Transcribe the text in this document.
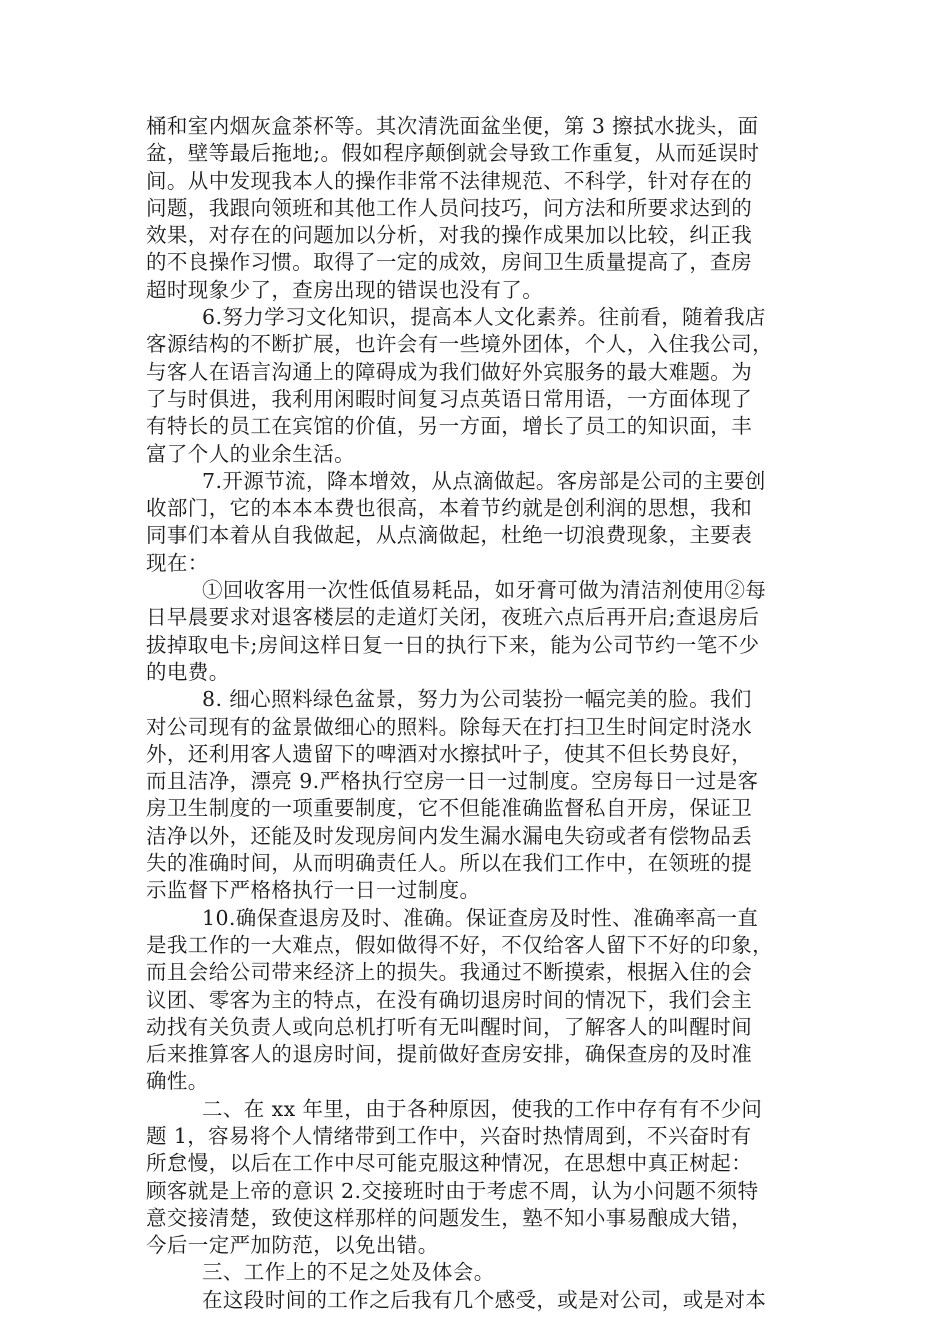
桶和室内烟灰盒茶杯等。其次清洗面盆坐便，第 3 擦拭水拢头，面

盆，壁等最后拖地;。假如程序颠倒就会导致工作重复，从而延误时

间。从中发现我本人的操作非常不法律规范、不科学，针对存在的

问题，我跟向领班和其他工作人员问技巧，问方法和所要求达到的

效果，对存在的问题加以分析，对我的操作成果加以比较，纠正我

的不良操作习惯。取得了一定的成效，房间卫生质量提高了，查房

超时现象少了，查房出现的错误也没有了。

6.努力学习文化知识，提高本人文化素养。往前看，随着我店

客源结构的不断扩展，也许会有一些境外团体，个人，入住我公司，

与客人在语言沟通上的障碍成为我们做好外宾服务的最大难题。为

了与时俱进，我利用闲暇时间复习点英语日常用语，一方面体现了

有特长的员工在宾馆的价值，另一方面，增长了员工的知识面，丰

富了个人的业余生活。

7.开源节流，降本增效，从点滴做起。客房部是公司的主要创

收部门，它的本本本费也很高，本着节约就是创利润的思想，我和

同事们本着从自我做起，从点滴做起，杜绝一切浪费现象，主要表

现在：

①回收客用一次性低值易耗品，如牙膏可做为清洁剂使用②每

日早晨要求对退客楼层的走道灯关闭，夜班六点后再开启;查退房后

拔掉取电卡;房间这样日复一日的执行下来，能为公司节约一笔不少

的电费。

8. 细心照料绿色盆景，努力为公司装扮一幅完美的脸。我们

对公司现有的盆景做细心的照料。除每天在打扫卫生时间定时浇水

外，还利用客人遗留下的啤酒对水擦拭叶子，使其不但长势良好，

而且洁净，漂亮 9.严格执行空房一日一过制度。空房每日一过是客

房卫生制度的一项重要制度，它不但能准确监督私自开房，保证卫

洁净以外，还能及时发现房间内发生漏水漏电失窃或者有偿物品丢

失的准确时间，从而明确责任人。所以在我们工作中，在领班的提

示监督下严格格执行一日一过制度。

10.确保查退房及时、准确。保证查房及时性、准确率高一直

是我工作的一大难点，假如做得不好，不仅给客人留下不好的印象，

而且会给公司带来经济上的损失。我通过不断摸索，根据入住的会

议团、零客为主的特点，在没有确切退房时间的情况下，我们会主

动找有关负责人或向总机打听有无叫醒时间，了解客人的叫醒时间

后来推算客人的退房时间，提前做好查房安排，确保查房的及时准

确性。

二、在 xx 年里，由于各种原因，使我的工作中存有有不少问

题 1，容易将个人情绪带到工作中，兴奋时热情周到，不兴奋时有

所怠慢，以后在工作中尽可能克服这种情况，在思想中真正树起：

顾客就是上帝的意识 2.交接班时由于考虑不周，认为小问题不须特

意交接清楚，致使这样那样的问题发生，塾不知小事易酿成大错，

今后一定严加防范，以免出错。

三、工作上的不足之处及体会。

在这段时间的工作之后我有几个感受，或是对公司，或是对本
